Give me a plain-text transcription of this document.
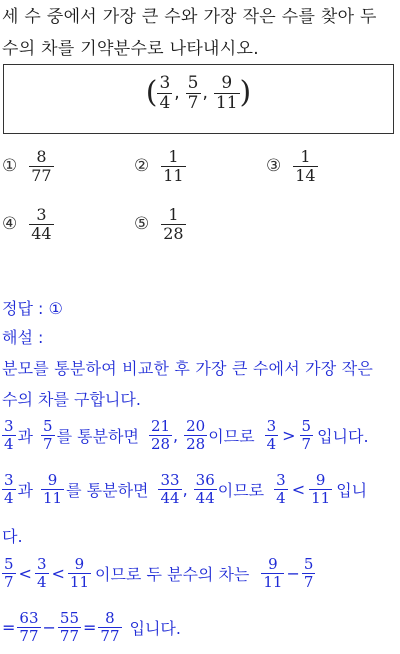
세 수 중에서 가장 큰 수와 가장 작은 수를 찾아 두
수의 차를 기약분수로 나타내시오.
( $\frac{3}{4}$ , $\frac{5}{7}$ , $\frac{9}{11}$ )
① $\frac{8}{77}$	② $\frac{1}{11}$	③ $\frac{1}{14}$
④ $\frac{3}{44}$	⑤ $\frac{1}{28}$
정답 : ①
해설 :
분모를 통분하여 비교한 후 가장 큰 수에서 가장 작은
수의 차를 구합니다.
$\frac{3}{4}$ 과 $\frac{5}{7}$ 를 통분하면 $\frac{21}{28}$ , $\frac{20}{28}$ 이므로 $\frac{3}{4} > \frac{5}{7}$ 입니다.
$\frac{3}{4}$ 과 $\frac{9}{11}$ 를 통분하면 $\frac{33}{44}$ , $\frac{36}{44}$ 이므로 $\frac{3}{4} < \frac{9}{11}$ 입니
다.
$\frac{5}{7} < \frac{3}{4} < \frac{9}{11}$ 이므로 두 분수의 차는 $\frac{9}{11} - \frac{5}{7}$
= $\frac{63}{77} - \frac{55}{77} = \frac{8}{77}$ 입니다.
